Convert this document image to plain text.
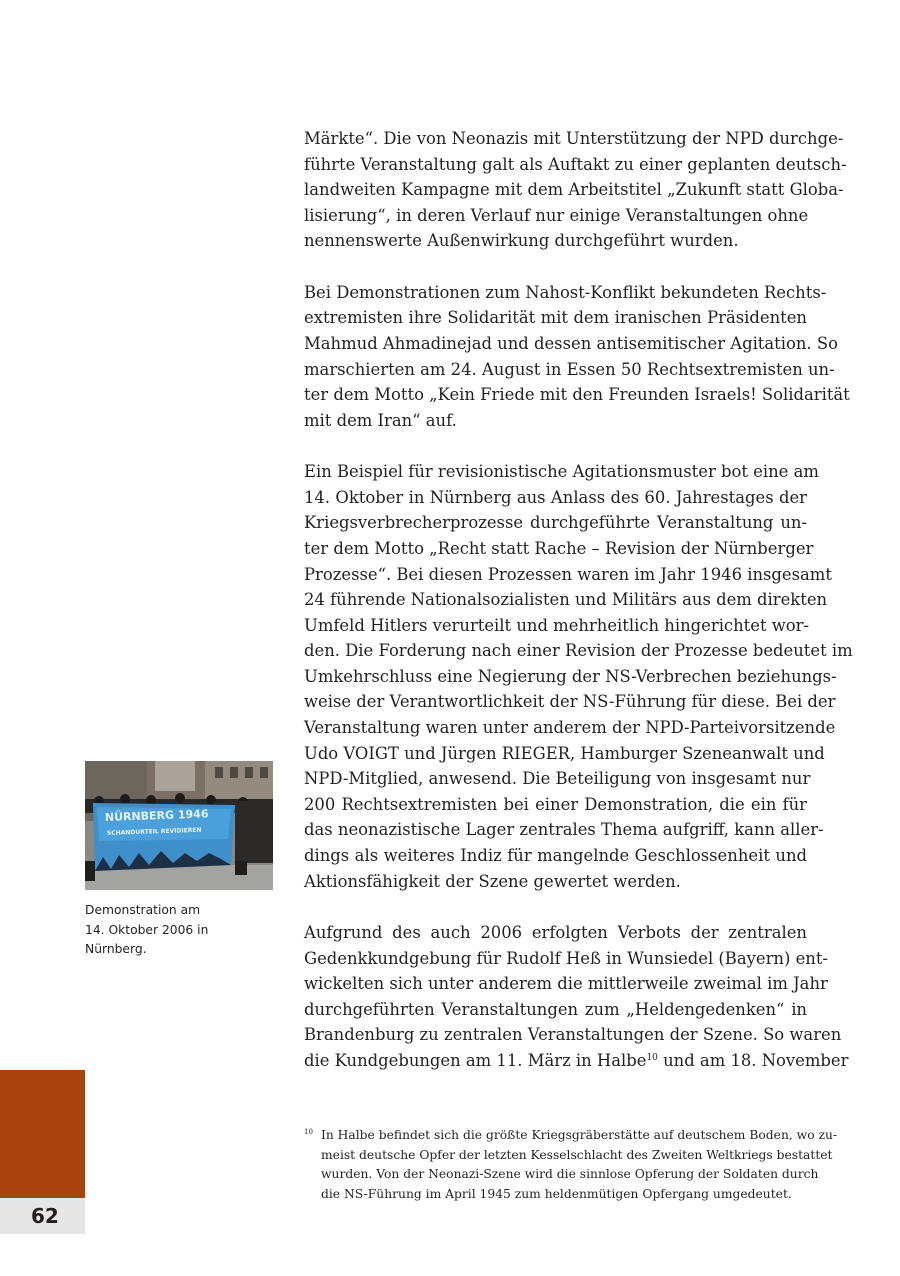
Märkte“. Die von Neonazis mit Unterstützung der NPD durchge- führte Veranstaltung galt als Auftakt zu einer geplanten deutsch- landweiten Kampagne mit dem Arbeitstitel „Zukunft statt Globa- lisierung“, in deren Verlauf nur einige Veranstaltungen ohne nennenswerte Außenwirkung durchgeführt wurden.

Bei Demonstrationen zum Nahost-Konflikt bekundeten Rechts- extremisten ihre Solidarität mit dem iranischen Präsidenten Mahmud Ahmadinejad und dessen antisemitischer Agitation. So marschierten am 24. August in Essen 50 Rechtsextremisten un- ter dem Motto „Kein Friede mit den Freunden Israels! Solidarität mit dem Iran“ auf.

Ein Beispiel für revisionistische Agitationsmuster bot eine am 14. Oktober in Nürnberg aus Anlass des 60. Jahrestages der Kriegsverbrecherprozesse durchgeführte Veranstaltung un- ter dem Motto „Recht statt Rache – Revision der Nürnberger Prozesse“. Bei diesen Prozessen waren im Jahr 1946 insgesamt 24 führende Nationalsozialisten und Militärs aus dem direkten Umfeld Hitlers verurteilt und mehrheitlich hingerichtet wor- den. Die Forderung nach einer Revision der Prozesse bedeutet im Umkehrschluss eine Negierung der NS-Verbrechen beziehungs- weise der Verantwortlichkeit der NS-Führung für diese. Bei der Veranstaltung waren unter anderem der NPD-Parteivorsitzende Udo VOIGT und Jürgen RIEGER, Hamburger Szeneanwalt und NPD-Mitglied, anwesend. Die Beteiligung von insgesamt nur 200 Rechtsextremisten bei einer Demonstration, die ein für das neonazistische Lager zentrales Thema aufgriff, kann aller- dings als weiteres Indiz für mangelnde Geschlossenheit und Aktionsfähigkeit der Szene gewertet werden.

Aufgrund des auch 2006 erfolgten Verbots der zentralen Gedenkkundgebung für Rudolf Heß in Wunsiedel (Bayern) ent- wickelten sich unter anderem die mittlerweile zweimal im Jahr durchgeführten Veranstaltungen zum „Heldengedenken“ in Brandenburg zu zentralen Veranstaltungen der Szene. So waren die Kundgebungen am 11. März in Halbe$^{10}$ und am 18. November

NÜRNBERG 1946
SCHANDURTEIL REVIDIEREN
Demonstration am
14. Oktober 2006 in
Nürnberg.
10 In Halbe befindet sich die größte Kriegsgräberstätte auf deutschem Boden, wo zu- meist deutsche Opfer der letzten Kesselschlacht des Zweiten Weltkriegs bestattet wurden. Von der Neonazi-Szene wird die sinnlose Opferung der Soldaten durch die NS-Führung im April 1945 zum heldenmütigen Opfergang umgedeutet.
62
